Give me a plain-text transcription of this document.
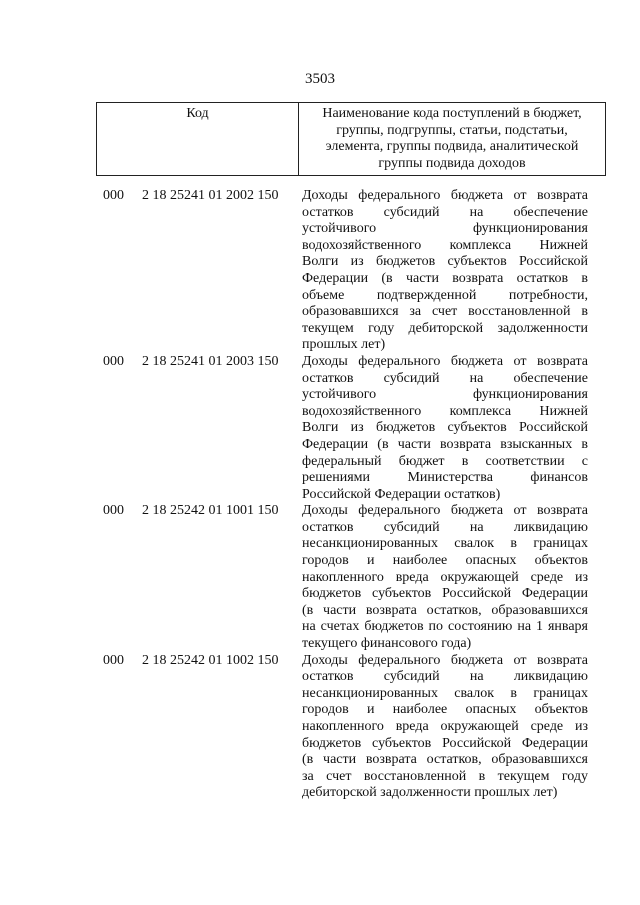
3503
Код	Наименование кода поступлений в бюджет,
группы, подгруппы, статьи, подстатьи,
элемента, группы подвида, аналитической
группы подвида доходов
000 2 18 25241 01 2002 150 Доходы федерального бюджета от возврата
остатков субсидий на обеспечение
устойчивого функционирования
водохозяйственного комплекса Нижней
Волги из бюджетов субъектов Российской
Федерации (в части возврата остатков в
объеме подтвержденной потребности,
образовавшихся за счет восстановленной в
текущем году дебиторской задолженности
прошлых лет)
000 2 18 25241 01 2003 150 Доходы федерального бюджета от возврата
остатков субсидий на обеспечение
устойчивого функционирования
водохозяйственного комплекса Нижней
Волги из бюджетов субъектов Российской
Федерации (в части возврата взысканных в
федеральный бюджет в соответствии с
решениями Министерства финансов
Российской Федерации остатков)
000 2 18 25242 01 1001 150 Доходы федерального бюджета от возврата
остатков субсидий на ликвидацию
несанкционированных свалок в границах
городов и наиболее опасных объектов
накопленного вреда окружающей среде из
бюджетов субъектов Российской Федерации
(в части возврата остатков, образовавшихся
на счетах бюджетов по состоянию на 1 января
текущего финансового года)
000 2 18 25242 01 1002 150 Доходы федерального бюджета от возврата
остатков субсидий на ликвидацию
несанкционированных свалок в границах
городов и наиболее опасных объектов
накопленного вреда окружающей среде из
бюджетов субъектов Российской Федерации
(в части возврата остатков, образовавшихся
за счет восстановленной в текущем году
дебиторской задолженности прошлых лет)
